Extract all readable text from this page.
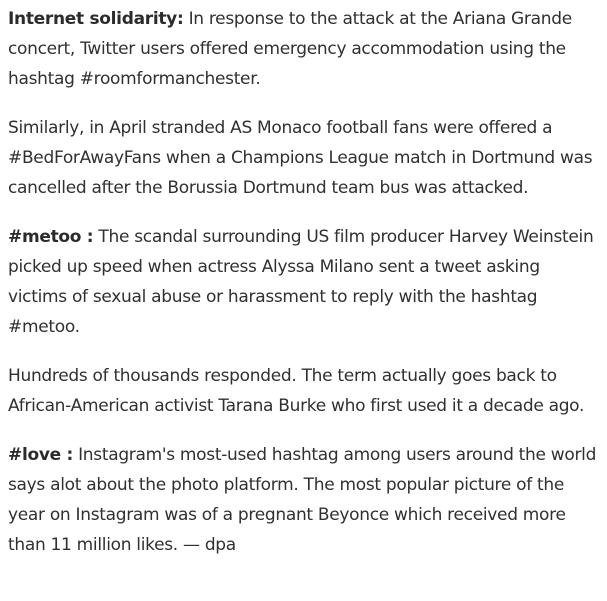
Internet solidarity: In response to the attack at the Ariana Grande concert, Twitter users offered emergency accommodation using the hashtag #roomformanchester.

Similarly, in April stranded AS Monaco football fans were offered a #BedForAwayFans when a Champions League match in Dortmund was cancelled after the Borussia Dortmund team bus was attacked.

#metoo : The scandal surrounding US film producer Harvey Weinstein picked up speed when actress Alyssa Milano sent a tweet asking victims of sexual abuse or harassment to reply with the hashtag #metoo.

Hundreds of thousands responded. The term actually goes back to African-American activist Tarana Burke who first used it a decade ago.

#love : Instagram's most-used hashtag among users around the world says alot about the photo platform. The most popular picture of the year on Instagram was of a pregnant Beyonce which received more than 11 million likes. — dpa
